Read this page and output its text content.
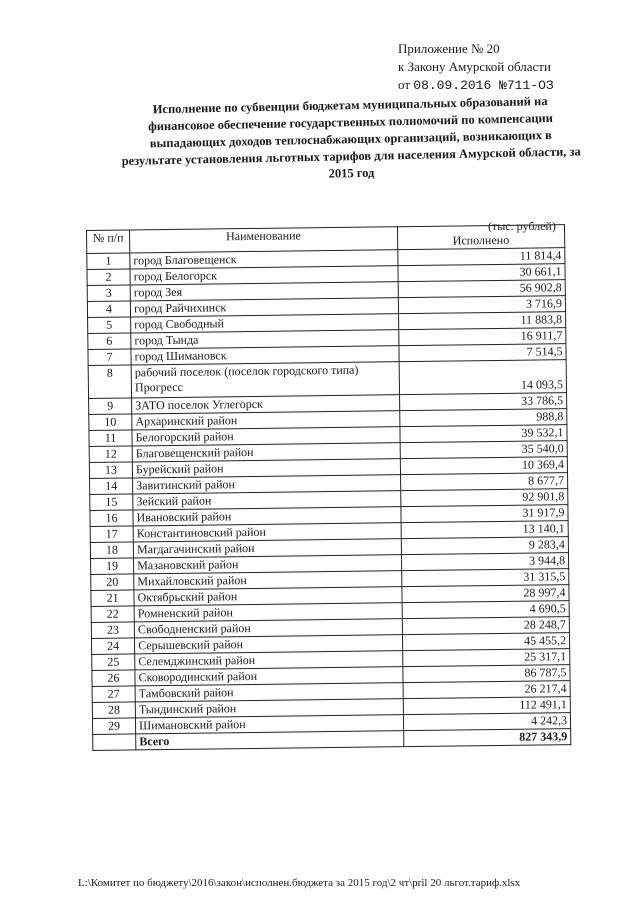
Приложение № 20
к Закону Амурской области
от 08.09.2016 №711-ОЗ
Исполнение по субвенции бюджетам муниципальных образований на финансовое обеспечение государственных полномочий по компенсации выпадающих доходов теплоснабжающих организаций, возникающих в результате установления льготных тарифов для населения Амурской области, за 2015 год
(тыс. рублей)
№ п/п	Наименование	Исполнено
1	город Благовещенск	11 814,4
2	город Белогорск	30 661,1
3	город Зея	56 902,8
4	город Райчихинск	3 716,9
5	город Свободный	11 883,8
6	город Тында	16 911,7
7	город Шимановск	7 514,5
8	рабочий поселок (поселок городского типа) Прогресс	14 093,5
9	ЗАТО поселок Углегорск	33 786,5
10	Архаринский район	988,8
11	Белогорский район	39 532,1
12	Благовещенский район	35 540,0
13	Бурейский район	10 369,4
14	Завитинский район	8 677,7
15	Зейский район	92 901,8
16	Ивановский район	31 917,9
17	Константиновский район	13 140,1
18	Магдагачинский район	9 283,4
19	Мазановский район	3 944,8
20	Михайловский район	31 315,5
21	Октябрьский район	28 997,4
22	Ромненский район	4 690,5
23	Свободненский район	28 248,7
24	Серышевский район	45 455,2
25	Селемджинский район	25 317,1
26	Сковородинский район	86 787,5
27	Тамбовский район	26 217,4
28	Тындинский район	112 491,1
29	Шимановский район	4 242,3
	Всего	827 343,9
L:\Комитет по бюджету\2016\закон\исполнен.бюджета за 2015 год\2 чт\pril 20 льгот.тариф.xlsx
